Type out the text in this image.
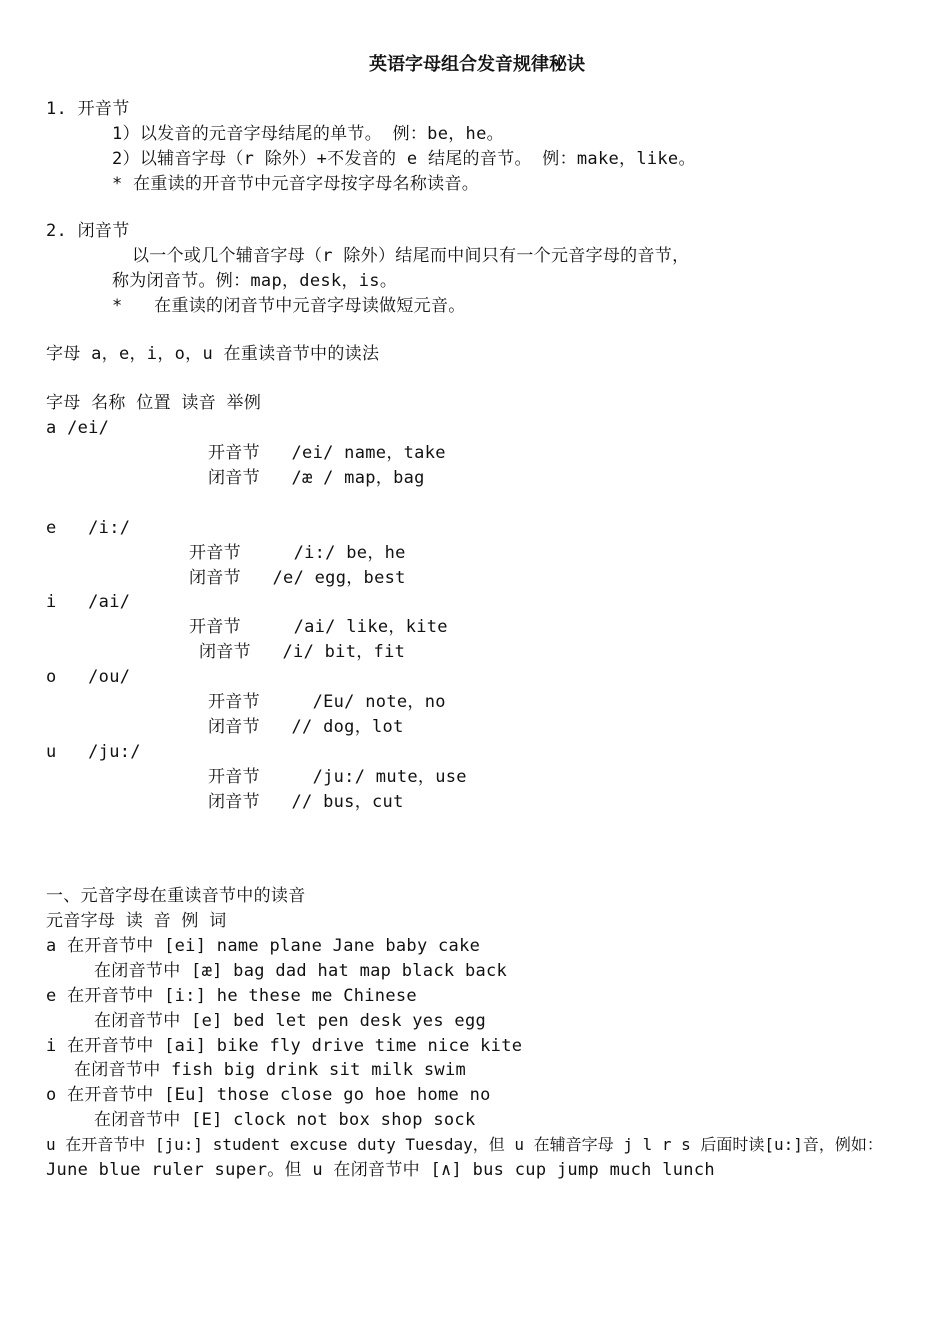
英语字母组合发音规律秘诀
1. 开音节
1）以发音的元音字母结尾的单节。 例：be，he。
2）以辅音字母（r 除外）+不发音的 e 结尾的音节。 例：make，like。
* 在重读的开音节中元音字母按字母名称读音。
2. 闭音节
以一个或几个辅音字母（r 除外）结尾而中间只有一个元音字母的音节，
称为闭音节。例：map，desk，is。
*   在重读的闭音节中元音字母读做短元音。
字母 a，e，i，o，u 在重读音节中的读法
字母 名称 位置 读音 举例
a /ei/
开音节   /ei/ name，take
闭音节   /æ / map，bag
e   /i:/
开音节     /i:/ be，he
闭音节   /e/ egg，best
i   /ai/
开音节     /ai/ like，kite
闭音节   /i/ bit，fit
o   /ou/
开音节     /Eu/ note，no
闭音节   // dog，lot
u   /ju:/
开音节     /ju:/ mute，use
闭音节   // bus，cut
一、元音字母在重读音节中的读音
元音字母 读 音 例 词
a 在开音节中 [ei] name plane Jane baby cake
在闭音节中 [æ] bag dad hat map black back
e 在开音节中 [i:] he these me Chinese
在闭音节中 [e] bed let pen desk yes egg
i 在开音节中 [ai] bike fly drive time nice kite
在闭音节中 fish big drink sit milk swim
o 在开音节中 [Eu] those close go hoe home no
在闭音节中 [E] clock not box shop sock
u 在开音节中 [ju:] student excuse duty Tuesday，但 u 在辅音字母 j l r s 后面时读[u:]音，例如：
June blue ruler super。但 u 在闭音节中 [∧] bus cup jump much lunch
